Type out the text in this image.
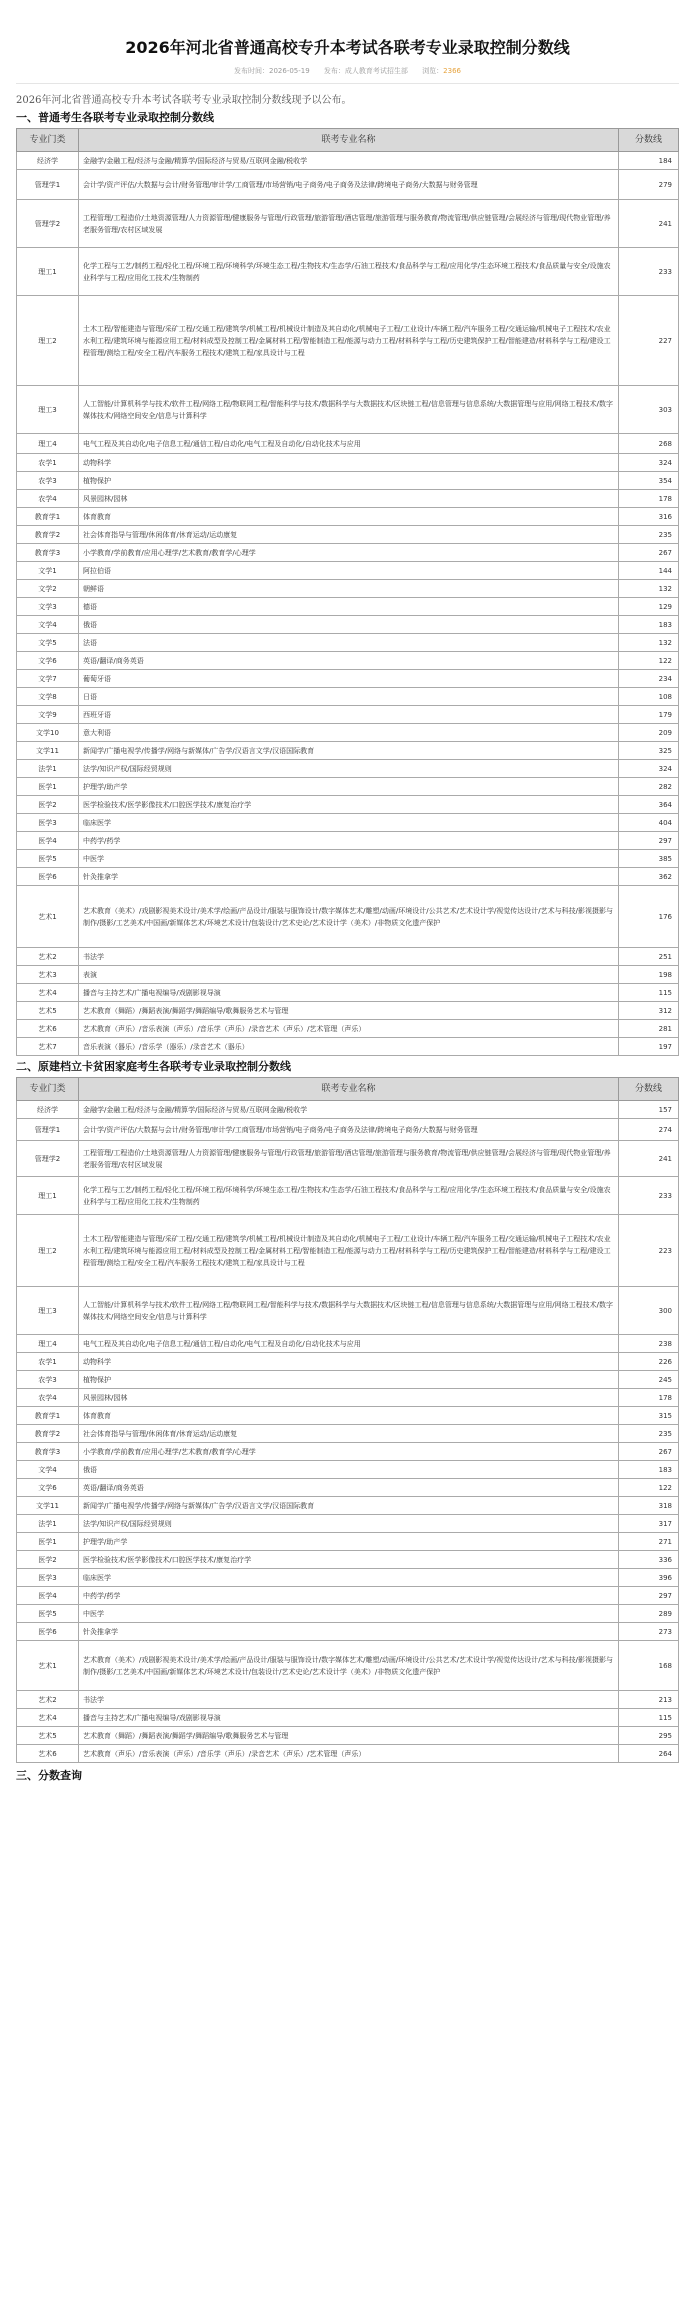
2026年河北省普通高校专升本考试各联考专业录取控制分数线
发布时间：2026-05-19 发布：成人教育考试招生部 浏览：2366

2026年河北省普通高校专升本考试各联考专业录取控制分数线现予以公布。

一、普通考生各联考专业录取控制分数线
专业门类	联考专业名称	分数线
经济学	金融学/金融工程/经济与金融/精算学/国际经济与贸易/互联网金融/税收学	184
管理学1	会计学/资产评估/大数据与会计/财务管理/审计学/工商管理/市场营销/电子商务/电子商务及法律/跨境电子商务/大数据与财务管理	279
管理学2	工程管理/工程造价/土地资源管理/人力资源管理/健康服务与管理/行政管理/旅游管理/酒店管理/旅游管理与服务教育/物流管理/供应链管理/会展经济与管理/现代物业管理/养老服务管理/农村区域发展	241
理工1	化学工程与工艺/制药工程/轻化工程/环境工程/环境科学/环境生态工程/生物技术/生态学/石油工程技术/食品科学与工程/应用化学/生态环境工程技术/食品质量与安全/设施农业科学与工程/应用化工技术/生物制药	233
理工2	土木工程/智能建造与管理/采矿工程/交通工程/建筑学/机械工程/机械设计制造及其自动化/机械电子工程/工业设计/车辆工程/汽车服务工程/交通运输/机械电子工程技术/农业水利工程/建筑环境与能源应用工程/材料成型及控制工程/金属材料工程/智能制造工程/能源与动力工程/材料科学与工程/历史建筑保护工程/智能建造/材料科学与工程/建设工程管理/测绘工程/安全工程/汽车服务工程技术/建筑工程/家具设计与工程	227
理工3	人工智能/计算机科学与技术/软件工程/网络工程/物联网工程/智能科学与技术/数据科学与大数据技术/区块链工程/信息管理与信息系统/大数据管理与应用/网络工程技术/数字媒体技术/网络空间安全/信息与计算科学	303
理工4	电气工程及其自动化/电子信息工程/通信工程/自动化/电气工程及自动化/自动化技术与应用	268
农学1	动物科学	324
农学3	植物保护	354
农学4	风景园林/园林	178
教育学1	体育教育	316
教育学2	社会体育指导与管理/休闲体育/休育运动/运动康复	235
教育学3	小学教育/学前教育/应用心理学/艺术教育/教育学/心理学	267
文学1	阿拉伯语	144
文学2	朝鲜语	132
文学3	德语	129
文学4	俄语	183
文学5	法语	132
文学6	英语/翻译/商务英语	122
文学7	葡萄牙语	234
文学8	日语	108
文学9	西班牙语	179
文学10	意大利语	209
文学11	新闻学/广播电视学/传播学/网络与新媒体/广告学/汉语言文学/汉语国际教育	325
法学1	法学/知识产权/国际经贸规则	324
医学1	护理学/助产学	282
医学2	医学检验技术/医学影像技术/口腔医学技术/康复治疗学	364
医学3	临床医学	404
医学4	中药学/药学	297
医学5	中医学	385
医学6	针灸推拿学	362
艺术1	艺术教育（美术）/戏剧影视美术设计/美术学/绘画/产品设计/服装与服饰设计/数字媒体艺术/雕塑/动画/环境设计/公共艺术/艺术设计学/视觉传达设计/艺术与科技/影视摄影与制作/摄影/工艺美术/中国画/新媒体艺术/环境艺术设计/包装设计/艺术史论/艺术设计学（美术）/非物质文化遗产保护	176
艺术2	书法学	251
艺术3	表演	198
艺术4	播音与主持艺术/广播电视编导/戏剧影视导演	115
艺术5	艺术教育（舞蹈）/舞蹈表演/舞蹈学/舞蹈编导/歌舞服务艺术与管理	312
艺术6	艺术教育（声乐）/音乐表演（声乐）/音乐学（声乐）/录音艺术（声乐）/艺术管理（声乐）	281
艺术7	音乐表演（器乐）/音乐学（器乐）/录音艺术（器乐）	197
二、原建档立卡贫困家庭考生各联考专业录取控制分数线
专业门类	联考专业名称	分数线
经济学	金融学/金融工程/经济与金融/精算学/国际经济与贸易/互联网金融/税收学	157
管理学1	会计学/资产评估/大数据与会计/财务管理/审计学/工商管理/市场营销/电子商务/电子商务及法律/跨境电子商务/大数据与财务管理	274
管理学2	工程管理/工程造价/土地资源管理/人力资源管理/健康服务与管理/行政管理/旅游管理/酒店管理/旅游管理与服务教育/物流管理/供应链管理/会展经济与管理/现代物业管理/养老服务管理/农村区域发展	241
理工1	化学工程与工艺/制药工程/轻化工程/环境工程/环境科学/环境生态工程/生物技术/生态学/石油工程技术/食品科学与工程/应用化学/生态环境工程技术/食品质量与安全/设施农业科学与工程/应用化工技术/生物制药	233
理工2	土木工程/智能建造与管理/采矿工程/交通工程/建筑学/机械工程/机械设计制造及其自动化/机械电子工程/工业设计/车辆工程/汽车服务工程/交通运输/机械电子工程技术/农业水利工程/建筑环境与能源应用工程/材料成型及控制工程/金属材料工程/智能制造工程/能源与动力工程/材料科学与工程/历史建筑保护工程/智能建造/材料科学与工程/建设工程管理/测绘工程/安全工程/汽车服务工程技术/建筑工程/家具设计与工程	223
理工3	人工智能/计算机科学与技术/软件工程/网络工程/物联网工程/智能科学与技术/数据科学与大数据技术/区块链工程/信息管理与信息系统/大数据管理与应用/网络工程技术/数字媒体技术/网络空间安全/信息与计算科学	300
理工4	电气工程及其自动化/电子信息工程/通信工程/自动化/电气工程及自动化/自动化技术与应用	238
农学1	动物科学	226
农学3	植物保护	245
农学4	风景园林/园林	178
教育学1	体育教育	315
教育学2	社会体育指导与管理/休闲体育/休育运动/运动康复	235
教育学3	小学教育/学前教育/应用心理学/艺术教育/教育学/心理学	267
文学4	俄语	183
文学6	英语/翻译/商务英语	122
文学11	新闻学/广播电视学/传播学/网络与新媒体/广告学/汉语言文学/汉语国际教育	318
法学1	法学/知识产权/国际经贸规则	317
医学1	护理学/助产学	271
医学2	医学检验技术/医学影像技术/口腔医学技术/康复治疗学	336
医学3	临床医学	396
医学4	中药学/药学	297
医学5	中医学	289
医学6	针灸推拿学	273
艺术1	艺术教育（美术）/戏剧影视美术设计/美术学/绘画/产品设计/服装与服饰设计/数字媒体艺术/雕塑/动画/环境设计/公共艺术/艺术设计学/视觉传达设计/艺术与科技/影视摄影与制作/摄影/工艺美术/中国画/新媒体艺术/环境艺术设计/包装设计/艺术史论/艺术设计学（美术）/非物质文化遗产保护	168
艺术2	书法学	213
艺术4	播音与主持艺术/广播电视编导/戏剧影视导演	115
艺术5	艺术教育（舞蹈）/舞蹈表演/舞蹈学/舞蹈编导/歌舞服务艺术与管理	295
艺术6	艺术教育（声乐）/音乐表演（声乐）/音乐学（声乐）/录音艺术（声乐）/艺术管理（声乐）	264
三、分数查询
